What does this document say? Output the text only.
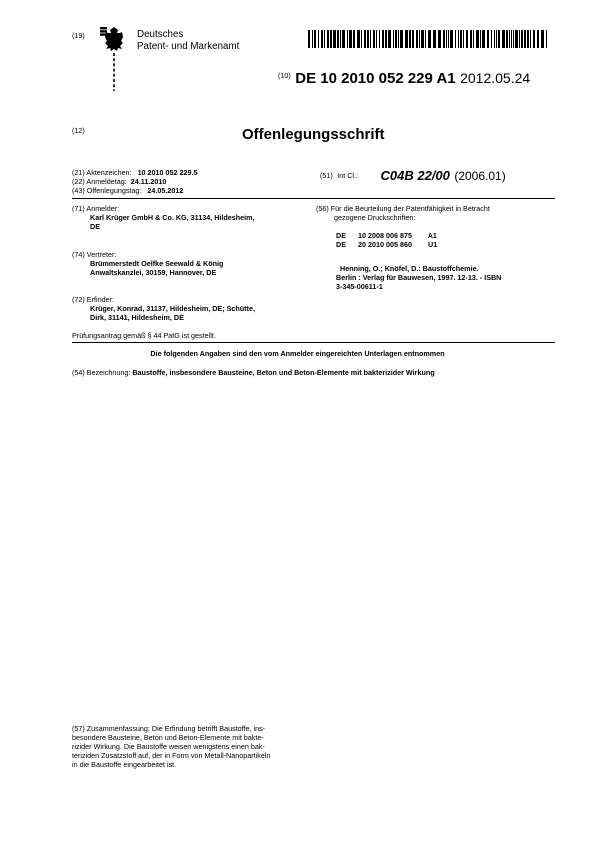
(19)	Deutsches
Patent- und Markenamt
$^{(10)}$ DE 10 2010 052 229 A1 2012.05.24
(12)	Offenlegungsschrift
(21) Aktenzeichen: 10 2010 052 229.5
(22) Anmeldetag: 24.11.2010
(43) Offenlegungstag: 24.05.2012
(51) Int Cl.: C04B 22/00 (2006.01)
(71) Anmelder:
Karl Krüger GmbH & Co. KG, 31134, Hildesheim,
DE
(74) Vertreter:
Brümmerstedt Oelfke Seewald & König
Anwaltskanzlei, 30159, Hannover, DE
(72) Erfinder:
Krüger, Konrad, 31137, Hildesheim, DE; Schütte,
Dirk, 31141, Hildesheim, DE
(56) Für die Beurteilung der Patentfähigkeit in Betracht
gezogene Druckschriften:
DE 10 2008 006 875 A1
DE 20 2010 005 860 U1
Henning, O.; Knöfel, D.: Baustoffchemie.
Berlin : Verlag für Bauwesen, 1997. 12-13. - ISBN
3-345-00611-1
Prüfungsantrag gemäß § 44 PatG ist gestellt.
Die folgenden Angaben sind den vom Anmelder eingereichten Unterlagen entnommen
(54) Bezeichnung: Baustoffe, insbesondere Bausteine, Beton und Beton-Elemente mit bakterizider Wirkung
(57) Zusammenfassung: Die Erfindung betrifft Baustoffe, ins-
besondere Bausteine, Beton und Beton-Elemente mit bakte-
rizider Wirkung. Die Baustoffe weisen wenigstens einen bak-
teriziden Zusatzstoff auf, der in Form von Metall-Nanopartikeln
in die Baustoffe eingearbeitet ist.
